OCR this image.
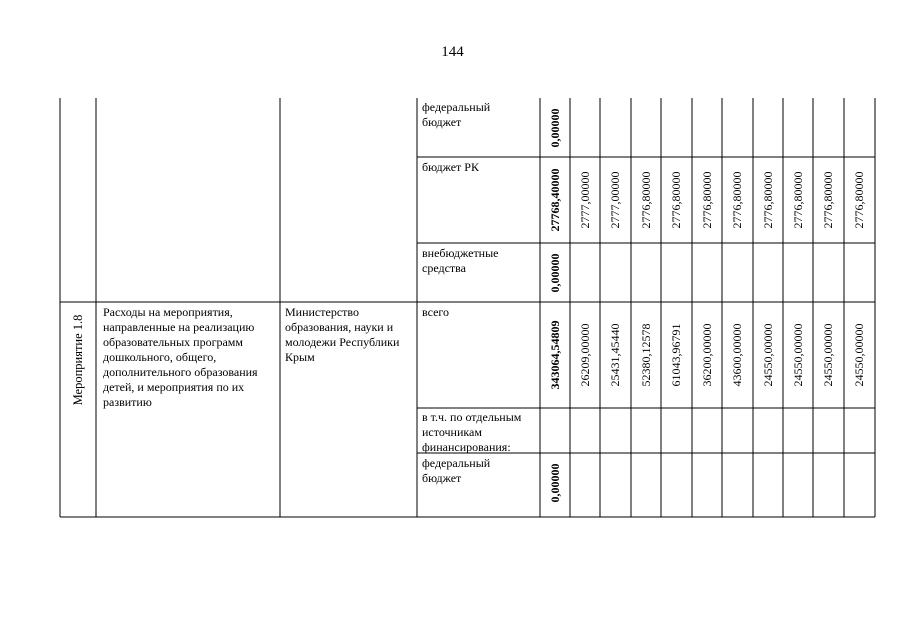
144
Мероприятие 1.8
Расходы на мероприятия, направленные на реализацию образовательных программ дошкольного, общего, дополнительного образования детей, и мероприятия по их развитию
Министерство образования, науки и молодежи Республики Крым
федеральный бюджет
бюджет РК
внебюджетные средства
всего
в т.ч. по отдельным источникам финансирования:
федеральный бюджет
0,00000
27768,40000
0,00000
343064,54809
0,00000
2777,00000 2777,00000 2776,80000 2776,80000 2776,80000 2776,80000 2776,80000 2776,80000 2776,80000 2776,80000
26209,00000 25431,45440 52380,12578 61043,96791 36200,00000 43600,00000 24550,00000 24550,00000 24550,00000 24550,00000
